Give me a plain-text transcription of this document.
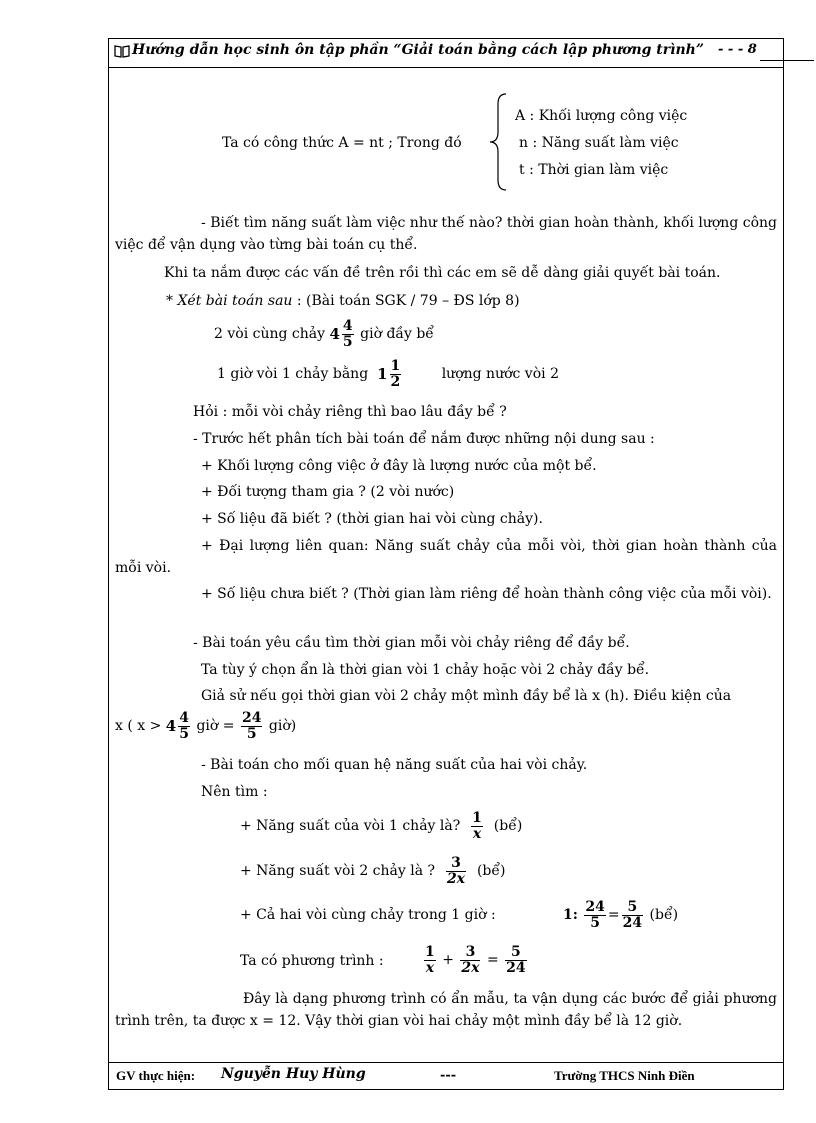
Hướng dẫn học sinh ôn tập phần “Giải toán bằng cách lập phương trình” - - - 8
Ta có công thức A = nt ; Trong đó
A : Khối lượng công việc
n : Năng suất làm việc
t : Thời gian làm việc
- Biết tìm năng suất làm việc như thế nào? thời gian hoàn thành, khối lượng công việc để vận dụng vào từng bài toán cụ thể.
Khi ta nắm được các vấn đề trên rồi thì các em sẽ dễ dàng giải quyết bài toán.
* Xét bài toán sau : (Bài toán SGK / 79 – ĐS lớp 8)
2 vòi cùng chảy $4 \frac{4}{5}$ giờ đầy bể
1 giờ vòi 1 chảy bằng $1 \frac{1}{2}$	lượng nước vòi 2
Hỏi : mỗi vòi chảy riêng thì bao lâu đầy bể ?
- Trước hết phân tích bài toán để nắm được những nội dung sau :
+ Khối lượng công việc ở đây là lượng nước của một bể.
+ Đối tượng tham gia ? (2 vòi nước)
+ Số liệu đã biết ? (thời gian hai vòi cùng chảy).
+ Đại lượng liên quan: Năng suất chảy của mỗi vòi, thời gian hoàn thành của mỗi vòi.
+ Số liệu chưa biết ? (Thời gian làm riêng để hoàn thành công việc của mỗi vòi).
- Bài toán yêu cầu tìm thời gian mỗi vòi chảy riêng để đầy bể.
Ta tùy ý chọn ẩn là thời gian vòi 1 chảy hoặc vòi 2 chảy đầy bể.
Giả sử nếu gọi thời gian vòi 2 chảy một mình đầy bể là x (h). Điều kiện của
x ( $x > 4 \frac{4}{5}$ giờ = $\frac{24}{5}$ giờ)
- Bài toán cho mối quan hệ năng suất của hai vòi chảy.
Nên tìm :
+ Năng suất của vòi 1 chảy là? $\frac{1}{x}$ (bể)
+ Năng suất vòi 2 chảy là ? $\frac{3}{2x}$ (bể)
+ Cả hai vòi cùng chảy trong 1 giờ :	1: $\frac{24}{5} = \frac{5}{24}$ (bể)
Ta có phương trình :	$\frac{1}{x} + \frac{3}{2x} = \frac{5}{24}$
Đây là dạng phương trình có ẩn mẫu, ta vận dụng các bước để giải phương trình trên, ta được x = 12. Vậy thời gian vòi hai chảy một mình đầy bể là 12 giờ.
GV thực hiện: Nguyễn Huy Hùng	---	Trường THCS Ninh Điền
